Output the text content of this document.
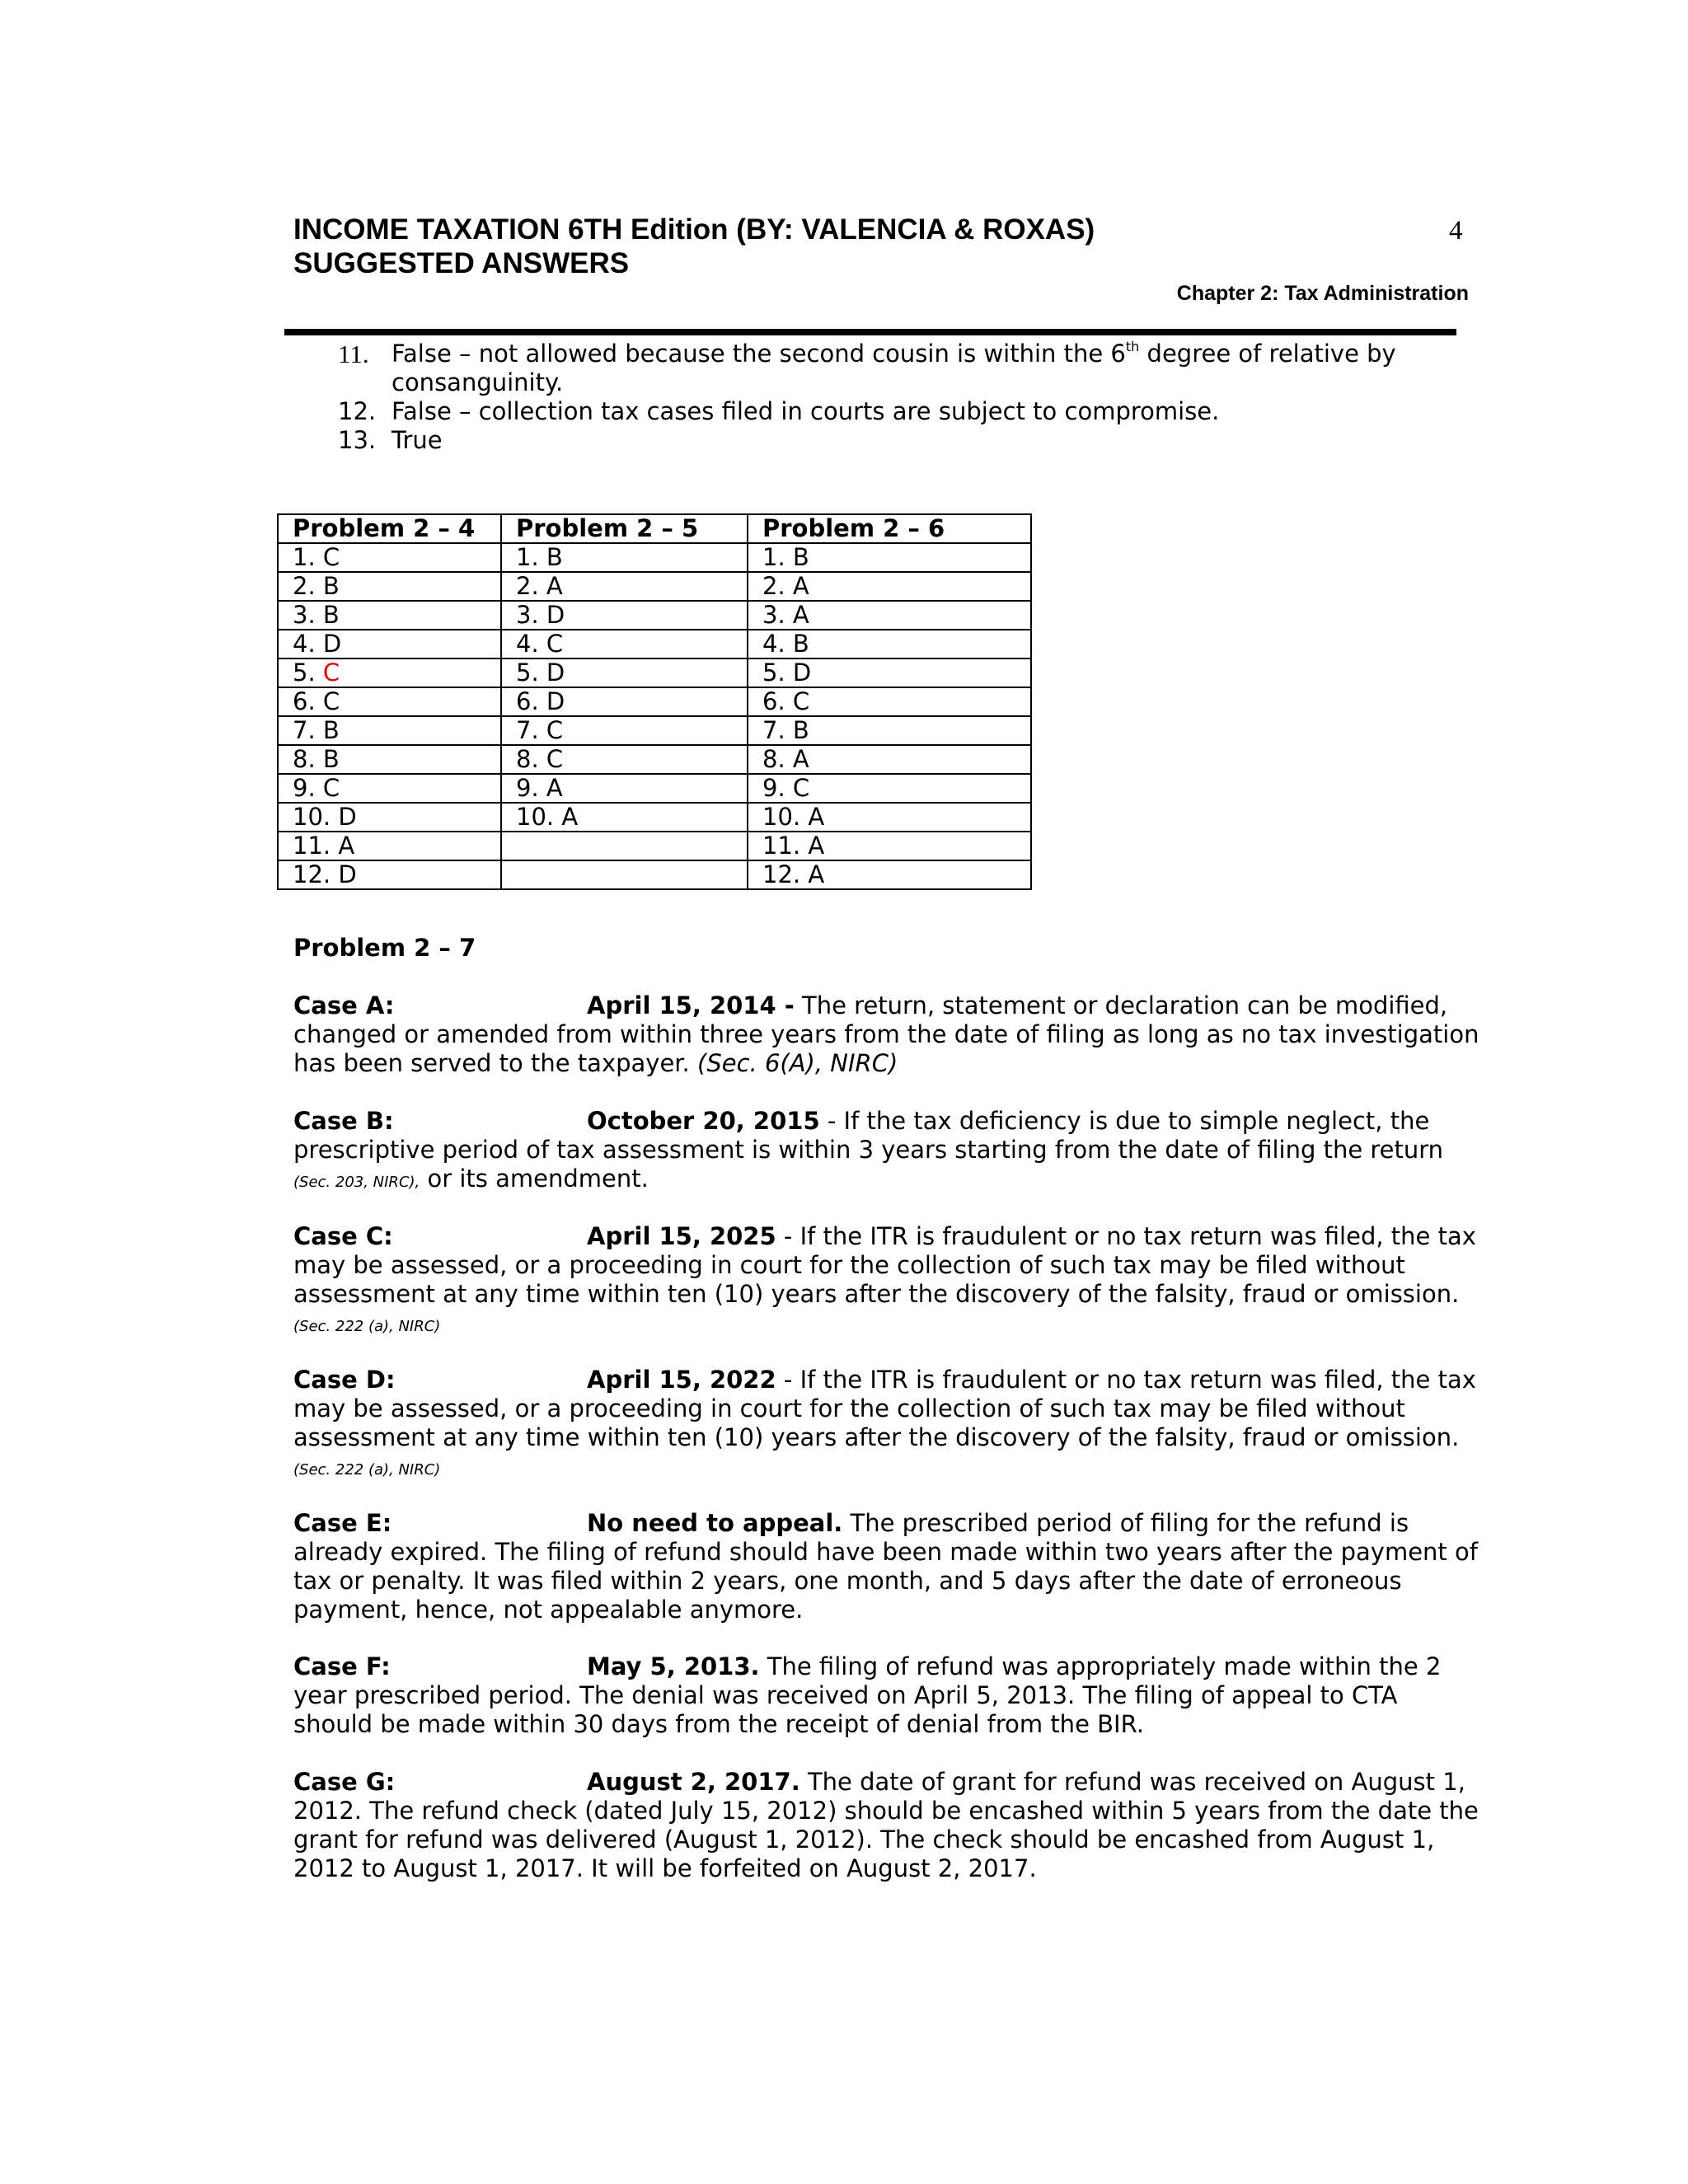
INCOME TAXATION 6TH Edition (BY: VALENCIA & ROXAS)
SUGGESTED ANSWERS
4
Chapter 2: Tax Administration
11. False – not allowed because the second cousin is within the 6th degree of relative by
consanguinity.
12. False – collection tax cases filed in courts are subject to compromise.
13. True
Problem 2 – 4	Problem 2 – 5	Problem 2 – 6
1. C	1. B	1. B
2. B	2. A	2. A
3. B	3. D	3. A
4. D	4. C	4. B
5. C	5. D	5. D
6. C	6. D	6. C
7. B	7. C	7. B
8. B	8. C	8. A
9. C	9. A	9. C
10. D	10. A	10. A
11. A		11. A
12. D		12. A
Problem 2 – 7
Case A:	April 15, 2014 - The return, statement or declaration can be modified, changed or amended from within three years from the date of filing as long as no tax investigation has been served to the taxpayer. (Sec. 6(A), NIRC)
Case B:	October 20, 2015 - If the tax deficiency is due to simple neglect, the prescriptive period of tax assessment is within 3 years starting from the date of filing the return (Sec. 203, NIRC), or its amendment.
Case C:	April 15, 2025 - If the ITR is fraudulent or no tax return was filed, the tax may be assessed, or a proceeding in court for the collection of such tax may be filed without assessment at any time within ten (10) years after the discovery of the falsity, fraud or omission. (Sec. 222 (a), NIRC)
Case D:	April 15, 2022 - If the ITR is fraudulent or no tax return was filed, the tax may be assessed, or a proceeding in court for the collection of such tax may be filed without assessment at any time within ten (10) years after the discovery of the falsity, fraud or omission. (Sec. 222 (a), NIRC)
Case E:	No need to appeal. The prescribed period of filing for the refund is already expired. The filing of refund should have been made within two years after the payment of tax or penalty. It was filed within 2 years, one month, and 5 days after the date of erroneous payment, hence, not appealable anymore.
Case F:	May 5, 2013. The filing of refund was appropriately made within the 2 year prescribed period. The denial was received on April 5, 2013. The filing of appeal to CTA should be made within 30 days from the receipt of denial from the BIR.
Case G:	August 2, 2017. The date of grant for refund was received on August 1, 2012. The refund check (dated July 15, 2012) should be encashed within 5 years from the date the grant for refund was delivered (August 1, 2012). The check should be encashed from August 1, 2012 to August 1, 2017. It will be forfeited on August 2, 2017.
